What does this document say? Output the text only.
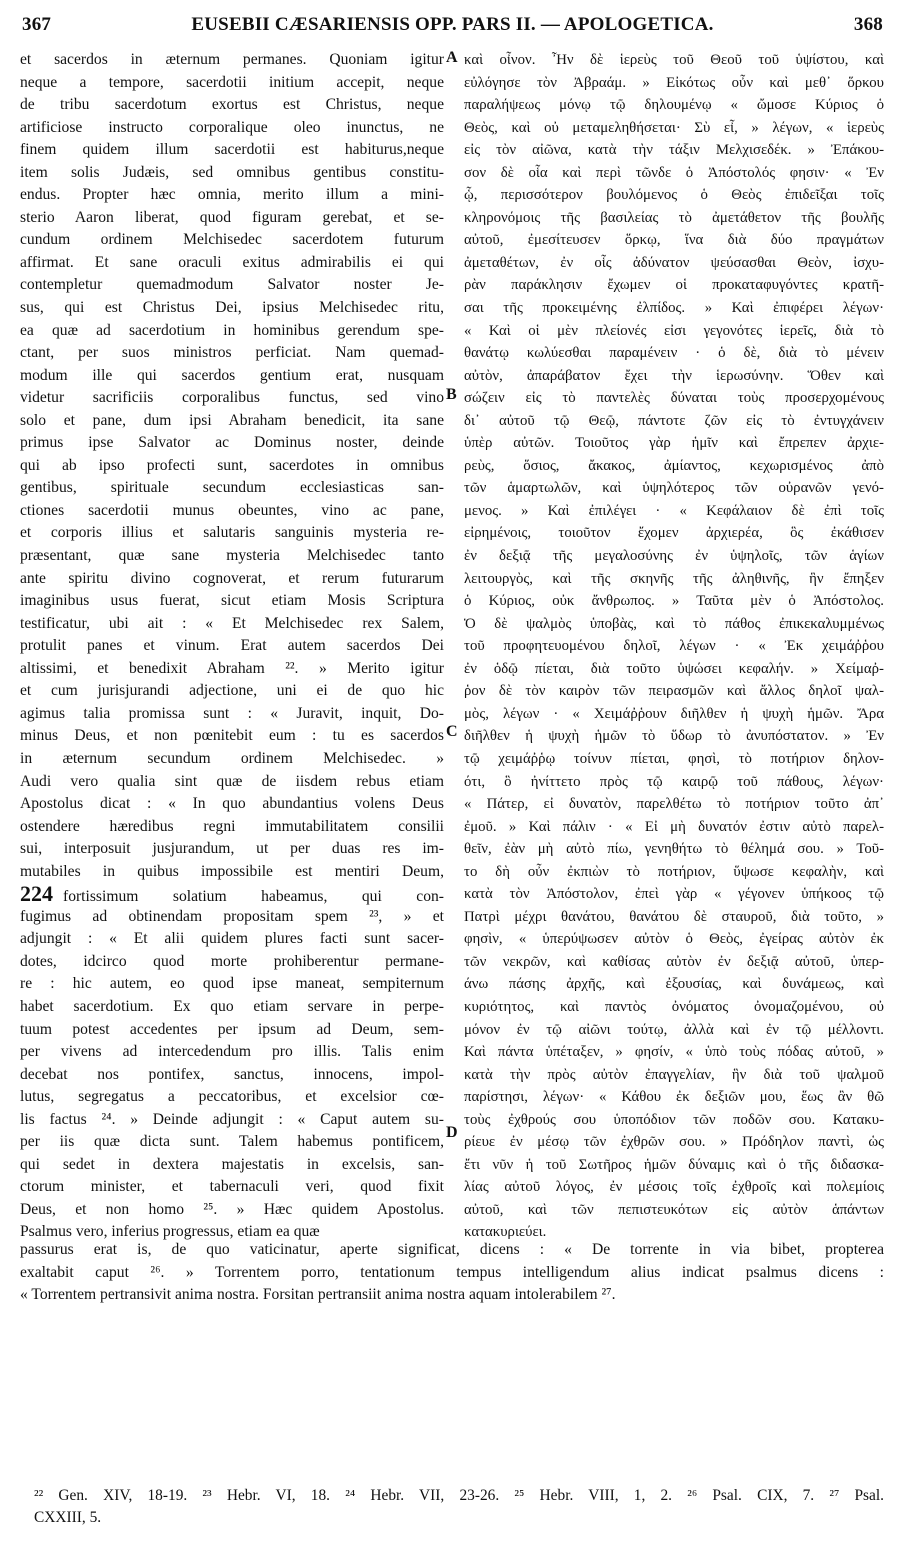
367	EUSEBII CÆSARIENSIS OPP. PARS II. — APOLOGETICA.	368
et sacerdos in æternum permanes. Quoniam igitur
neque a tempore, sacerdotii initium accepit, neque
de tribu sacerdotum exortus est Christus, neque
artificiose instructo corporalique oleo inunctus, ne
finem quidem illum sacerdotii est habiturus,neque
item solis Judæis, sed omnibus gentibus constitu-
endus. Propter hæc omnia, merito illum a mini-
sterio Aaron liberat, quod figuram gerebat, et se-
cundum ordinem Melchisedec sacerdotem futurum
affirmat. Et sane oraculi exitus admirabilis ei qui
contempletur quemadmodum Salvator noster Je-
sus, qui est Christus Dei, ipsius Melchisedec ritu,
ea quæ ad sacerdotium in hominibus gerendum spe-
ctant, per suos ministros perficiat. Nam quemad-
modum ille qui sacerdos gentium erat, nusquam
videtur sacrificiis corporalibus functus, sed vino
solo et pane, dum ipsi Abraham benedicit, ita sane
primus ipse Salvator ac Dominus noster, deinde
qui ab ipso profecti sunt, sacerdotes in omnibus
gentibus, spirituale secundum ecclesiasticas san-
ctiones sacerdotii munus obeuntes, vino ac pane,
et corporis illius et salutaris sanguinis mysteria re-
præsentant, quæ sane mysteria Melchisedec tanto
ante spiritu divino cognoverat, et rerum futurarum
imaginibus usus fuerat, sicut etiam Mosis Scriptura
testificatur, ubi ait : « Et Melchisedec rex Salem,
protulit panes et vinum. Erat autem sacerdos Dei
altissimi, et benedixit Abraham ²². » Merito igitur
et cum jurisjurandi adjectione, uni ei de quo hic
agimus talia promissa sunt : « Juravit, inquit, Do-
minus Deus, et non pœnitebit eum : tu es sacerdos
in æternum secundum ordinem Melchisedec. »
Audi vero qualia sint quæ de iisdem rebus etiam
Apostolus dicat : « In quo abundantius volens Deus
ostendere hæredibus regni immutabilitatem consilii
sui, interposuit jusjurandum, ut per duas res im-
mutabiles in quibus impossibile est mentiri Deum,
224 fortissimum solatium habeamus, qui con-
fugimus ad obtinendam propositam spem ²³, » et
adjungit : « Et alii quidem plures facti sunt sacer-
dotes, idcirco quod morte prohiberentur permane-
re : hic autem, eo quod ipse maneat, sempiternum
habet sacerdotium. Ex quo etiam servare in perpe-
tuum potest accedentes per ipsum ad Deum, sem-
per vivens ad intercedendum pro illis. Talis enim
decebat nos pontifex, sanctus, innocens, impol-
lutus, segregatus a peccatoribus, et excelsior cœ-
lis factus ²⁴. » Deinde adjungit : « Caput autem su-
per iis quæ dicta sunt. Talem habemus pontificem,
qui sedet in dextera majestatis in excelsis, san-
ctorum minister, et tabernaculi veri, quod fixit
Deus, et non homo ²⁵. » Hæc quidem Apostolus.
Psalmus vero, inferius progressus, etiam ea quæ
καὶ οἶνον. Ἦν δὲ ἱερεὺς τοῦ Θεοῦ τοῦ ὑψίστου, καὶ
εὐλόγησε τὸν Ἀβραάμ. » Εἰκότως οὖν καὶ μεθ᾽ ὅρκου
παραλήψεως μόνῳ τῷ δηλουμένῳ « ὤμοσε Κύριος ὁ
Θεὸς, καὶ οὐ μεταμεληθήσεται· Σὺ εἶ, » λέγων, « ἱερεὺς
εἰς τὸν αἰῶνα, κατὰ τὴν τάξιν Μελχισεδέκ. » Ἐπάκου-
σον δὲ οἷα καὶ περὶ τῶνδε ὁ Ἀπόστολός φησιν· « Ἐν
ᾧ, περισσότερον βουλόμενος ὁ Θεὸς ἐπιδεῖξαι τοῖς
κληρονόμοις τῆς βασιλείας τὸ ἀμετάθετον τῆς βουλῆς
αὐτοῦ, ἐμεσίτευσεν ὅρκῳ, ἵνα διὰ δύο πραγμάτων
ἀμεταθέτων, ἐν οἷς ἀδύνατον ψεύσασθαι Θεὸν, ἰσχυ-
ρὰν παράκλησιν ἔχωμεν οἱ προκαταφυγόντες κρατῆ-
σαι τῆς προκειμένης ἐλπίδος. » Καὶ ἐπιφέρει λέγων·
« Καὶ οἱ μὲν πλείονές εἰσι γεγονότες ἱερεῖς, διὰ τὸ
θανάτῳ κωλύεσθαι παραμένειν · ὁ δὲ, διὰ τὸ μένειν
αὐτὸν, ἀπαράβατον ἔχει τὴν ἱερωσύνην. Ὅθεν καὶ
σώζειν εἰς τὸ παντελὲς δύναται τοὺς προσερχομένους
δι᾽ αὐτοῦ τῷ Θεῷ, πάντοτε ζῶν εἰς τὸ ἐντυγχάνειν
ὑπὲρ αὐτῶν. Τοιοῦτος γὰρ ἡμῖν καὶ ἔπρεπεν ἀρχιε-
ρεὺς, ὅσιος, ἄκακος, ἀμίαντος, κεχωρισμένος ἀπὸ
τῶν ἁμαρτωλῶν, καὶ ὑψηλότερος τῶν οὐρανῶν γενό-
μενος. » Καὶ ἐπιλέγει · « Κεφάλαιον δὲ ἐπὶ τοῖς
εἰρημένοις, τοιοῦτον ἔχομεν ἀρχιερέα, ὃς ἐκάθισεν
ἐν δεξιᾷ τῆς μεγαλοσύνης ἐν ὑψηλοῖς, τῶν ἁγίων
λειτουργὸς, καὶ τῆς σκηνῆς τῆς ἀληθινῆς, ἣν ἔπηξεν
ὁ Κύριος, οὐκ ἄνθρωπος. » Ταῦτα μὲν ὁ Ἀπόστολος.
Ὁ δὲ ψαλμὸς ὑποβὰς, καὶ τὸ πάθος ἐπικεκαλυμμένως
τοῦ προφητευομένου δηλοῖ, λέγων · « Ἐκ χειμάῤῥου
ἐν ὁδῷ πίεται, διὰ τοῦτο ὑψώσει κεφαλήν. » Χείμαῤ-
ῥον δὲ τὸν καιρὸν τῶν πειρασμῶν καὶ ἄλλος δηλοῖ ψαλ-
μὸς, λέγων · « Χειμάῤῥουν διῆλθεν ἡ ψυχὴ ἡμῶν. Ἄρα
διῆλθεν ἡ ψυχὴ ἡμῶν τὸ ὕδωρ τὸ ἀνυπόστατον. » Ἐν
τῷ χειμάῤῥῳ τοίνυν πίεται, φησὶ, τὸ ποτήριον δηλον-
ότι, ὃ ἠνίττετο πρὸς τῷ καιρῷ τοῦ πάθους, λέγων·
« Πάτερ, εἰ δυνατὸν, παρελθέτω τὸ ποτήριον τοῦτο ἀπ᾽
ἐμοῦ. » Καὶ πάλιν · « Εἰ μὴ δυνατόν ἐστιν αὐτὸ παρελ-
θεῖν, ἐὰν μὴ αὐτὸ πίω, γενηθήτω τὸ θέλημά σου. » Τοῦ-
το δὴ οὖν ἐκπιὼν τὸ ποτήριον, ὕψωσε κεφαλὴν, καὶ
κατὰ τὸν Ἀπόστολον, ἐπεὶ γὰρ « γέγονεν ὑπήκοος τῷ
Πατρὶ μέχρι θανάτου, θανάτου δὲ σταυροῦ, διὰ τοῦτο, »
φησὶν, « ὑπερύψωσεν αὐτὸν ὁ Θεὸς, ἐγείρας αὐτὸν ἐκ
τῶν νεκρῶν, καὶ καθίσας αὐτὸν ἐν δεξιᾷ αὐτοῦ, ὑπερ-
άνω πάσης ἀρχῆς, καὶ ἐξουσίας, καὶ δυνάμεως, καὶ
κυριότητος, καὶ παντὸς ὀνόματος ὀνομαζομένου, οὐ
μόνον ἐν τῷ αἰῶνι τούτῳ, ἀλλὰ καὶ ἐν τῷ μέλλοντι.
Καὶ πάντα ὑπέταξεν, » φησίν, « ὑπὸ τοὺς πόδας αὐτοῦ, »
κατὰ τὴν πρὸς αὐτὸν ἐπαγγελίαν, ἣν διὰ τοῦ ψαλμοῦ
παρίστησι, λέγων· « Κάθου ἐκ δεξιῶν μου, ἕως ἂν θῶ
τοὺς ἐχθρούς σου ὑποπόδιον τῶν ποδῶν σου. Κατακυ-
ρίευε ἐν μέσῳ τῶν ἐχθρῶν σου. » Πρόδηλον παντὶ, ὡς
ἔτι νῦν ἡ τοῦ Σωτῆρος ἡμῶν δύναμις καὶ ὁ τῆς διδασκα-
λίας αὐτοῦ λόγος, ἐν μέσοις τοῖς ἐχθροῖς καὶ πολεμίοις
αὐτοῦ, καὶ τῶν πεπιστευκότων εἰς αὐτὸν ἁπάντων
κατακυριεύει.
A
B
C
D
passurus erat is, de quo vaticinatur, aperte significat, dicens : « De torrente in via bibet, propterea
exaltabit caput ²⁶. » Torrentem porro, tentationum tempus intelligendum alius indicat psalmus dicens :
« Torrentem pertransivit anima nostra. Forsitan pertransiit anima nostra aquam intolerabilem ²⁷.
²² Gen. XIV, 18-19. ²³ Hebr. VI, 18. ²⁴ Hebr. VII, 23-26. ²⁵ Hebr. VIII, 1, 2. ²⁶ Psal. CIX, 7. ²⁷ Psal.
CXXIII, 5.
